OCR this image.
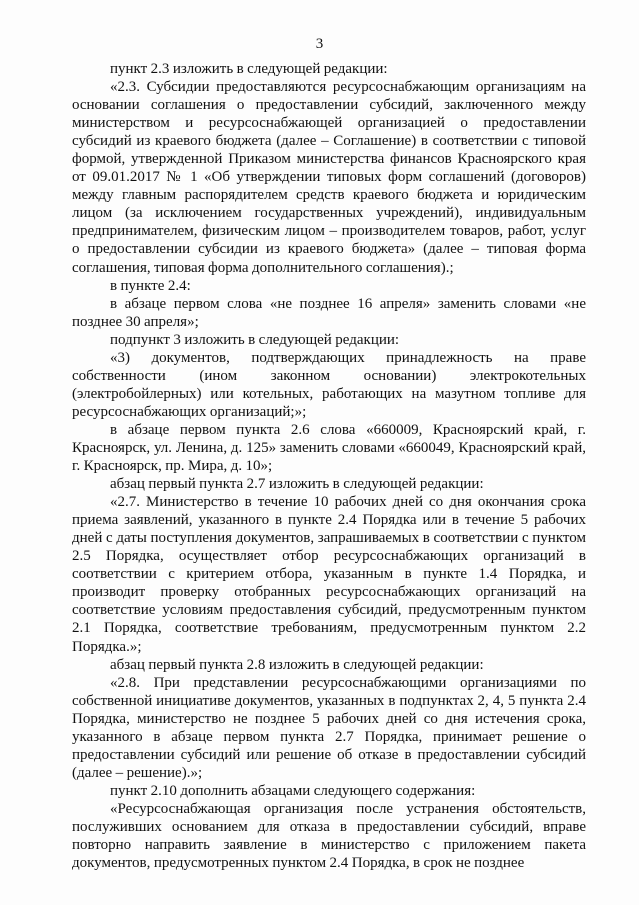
3

пункт 2.3 изложить в следующей редакции:

«2.3. Субсидии предоставляются ресурсоснабжающим организациям на основании соглашения о предоставлении субсидий, заключенного между министерством и ресурсоснабжающей организацией о предоставлении субсидий из краевого бюджета (далее – Соглашение) в соответствии с типовой формой, утвержденной Приказом министерства финансов Красноярского края от 09.01.2017 № 1 «Об утверждении типовых форм соглашений (договоров) между главным распорядителем средств краевого бюджета и юридическим лицом (за исключением государственных учреждений), индивидуальным предпринимателем, физическим лицом – производителем товаров, работ, услуг о предоставлении субсидии из краевого бюджета» (далее – типовая форма соглашения, типовая форма дополнительного соглашения).;

в пункте 2.4:

в абзаце первом слова «не позднее 16 апреля» заменить словами «не позднее 30 апреля»;

подпункт 3 изложить в следующей редакции:

«3) документов, подтверждающих принадлежность на праве собственности (ином законном основании) электрокотельных (электробойлерных) или котельных, работающих на мазутном топливе для ресурсоснабжающих организаций;»;

в абзаце первом пункта 2.6 слова «660009, Красноярский край, г. Красноярск, ул. Ленина, д. 125» заменить словами «660049, Красноярский край, г. Красноярск, пр. Мира, д. 10»;

абзац первый пункта 2.7 изложить в следующей редакции:

«2.7. Министерство в течение 10 рабочих дней со дня окончания срока приема заявлений, указанного в пункте 2.4 Порядка или в течение 5 рабочих дней с даты поступления документов, запрашиваемых в соответствии с пунктом 2.5 Порядка, осуществляет отбор ресурсоснабжающих организаций в соответствии с критерием отбора, указанным в пункте 1.4 Порядка, и производит проверку отобранных ресурсоснабжающих организаций на соответствие условиям предоставления субсидий, предусмотренным пунктом 2.1 Порядка, соответствие требованиям, предусмотренным пунктом 2.2 Порядка.»;

абзац первый пункта 2.8 изложить в следующей редакции:

«2.8. При представлении ресурсоснабжающими организациями по собственной инициативе документов, указанных в подпунктах 2, 4, 5 пункта 2.4 Порядка, министерство не позднее 5 рабочих дней со дня истечения срока, указанного в абзаце первом пункта 2.7 Порядка, принимает решение о предоставлении субсидий или решение об отказе в предоставлении субсидий (далее – решение).»;

пункт 2.10 дополнить абзацами следующего содержания:

«Ресурсоснабжающая организация после устранения обстоятельств, послуживших основанием для отказа в предоставлении субсидий, вправе повторно направить заявление в министерство с приложением пакета документов, предусмотренных пунктом 2.4 Порядка, в срок не позднее
